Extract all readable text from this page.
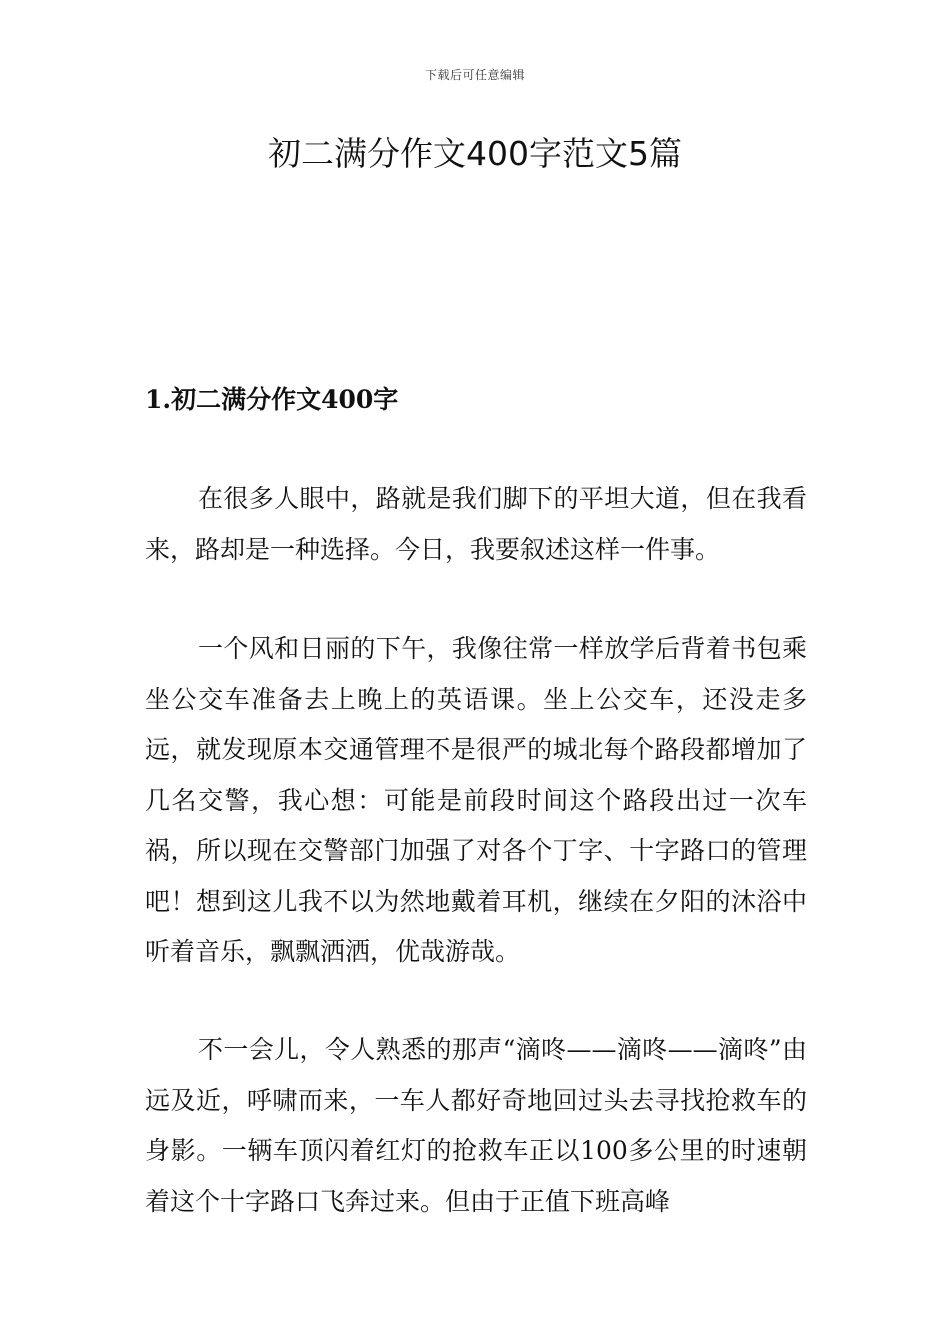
下载后可任意编辑
初二满分作文400字范文5篇
1.初二满分作文400字

在很多人眼中，路就是我们脚下的平坦大道，但在我看来，路却是一种选择。今日，我要叙述这样一件事。

一个风和日丽的下午，我像往常一样放学后背着书包乘坐公交车准备去上晚上的英语课。坐上公交车，还没走多远，就发现原本交通管理不是很严的城北每个路段都增加了几名交警，我心想：可能是前段时间这个路段出过一次车祸，所以现在交警部门加强了对各个丁字、十字路口的管理吧！想到这儿我不以为然地戴着耳机，继续在夕阳的沐浴中听着音乐，飘飘洒洒，优哉游哉。

不一会儿，令人熟悉的那声“滴咚——滴咚——滴咚”由远及近，呼啸而来，一车人都好奇地回过头去寻找抢救车的身影。一辆车顶闪着红灯的抢救车正以100多公里的时速朝着这个十字路口飞奔过来。但由于正值下班高峰
